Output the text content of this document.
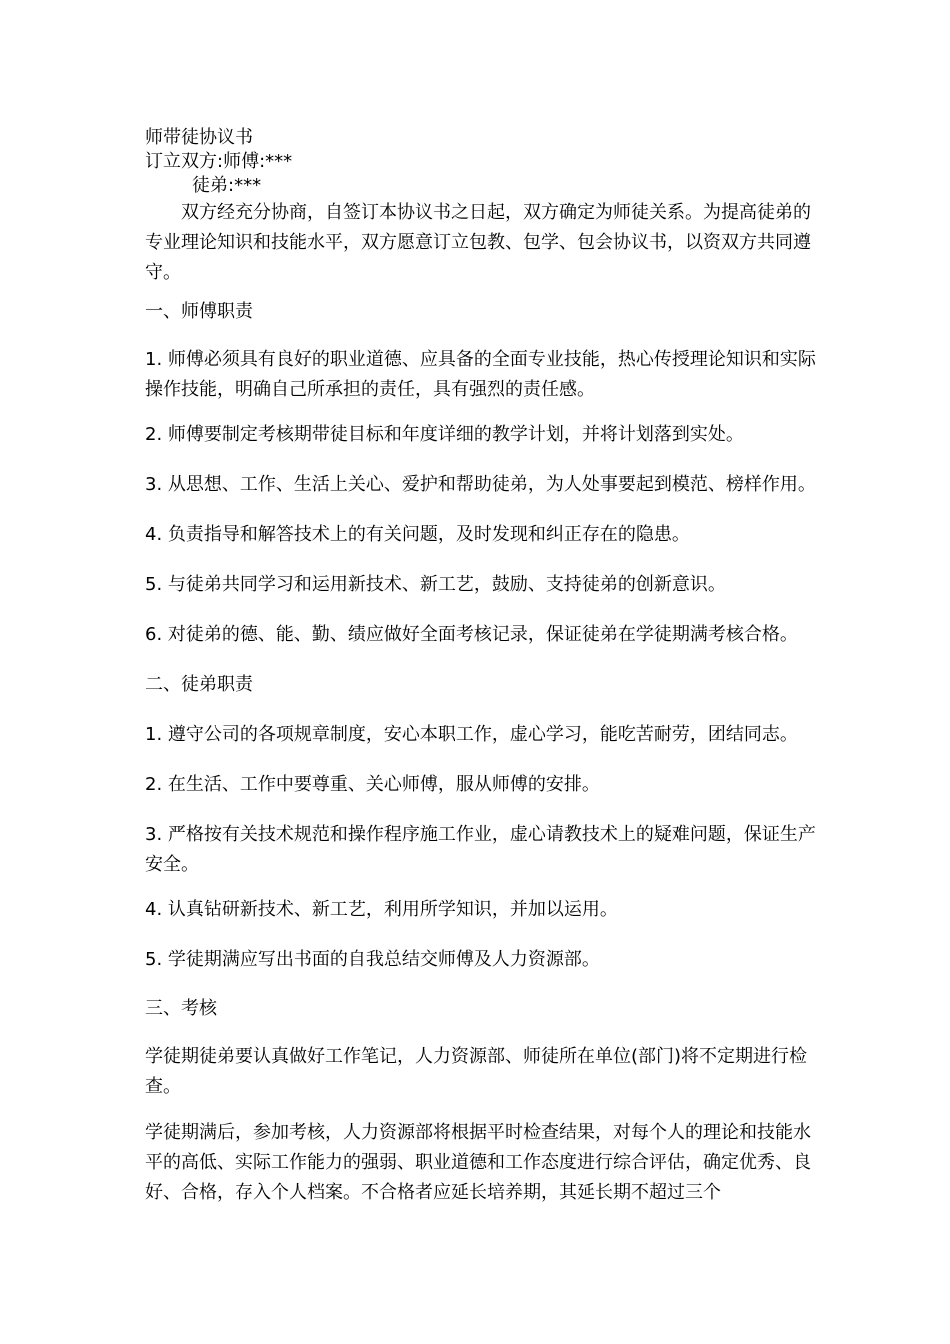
师带徒协议书
订立双方:师傅:***
徒弟:***
双方经充分协商，自签订本协议书之日起，双方确定为师徒关系。为提高徒弟的专业理论知识和技能水平，双方愿意订立包教、包学、包会协议书，以资双方共同遵守。
一、师傅职责
1. 师傅必须具有良好的职业道德、应具备的全面专业技能，热心传授理论知识和实际操作技能，明确自己所承担的责任，具有强烈的责任感。
2. 师傅要制定考核期带徒目标和年度详细的教学计划，并将计划落到实处。
3. 从思想、工作、生活上关心、爱护和帮助徒弟，为人处事要起到模范、榜样作用。
4. 负责指导和解答技术上的有关问题，及时发现和纠正存在的隐患。
5. 与徒弟共同学习和运用新技术、新工艺，鼓励、支持徒弟的创新意识。
6. 对徒弟的德、能、勤、绩应做好全面考核记录，保证徒弟在学徒期满考核合格。
二、徒弟职责
1. 遵守公司的各项规章制度，安心本职工作，虚心学习，能吃苦耐劳，团结同志。
2. 在生活、工作中要尊重、关心师傅，服从师傅的安排。
3. 严格按有关技术规范和操作程序施工作业，虚心请教技术上的疑难问题，保证生产安全。
4. 认真钻研新技术、新工艺，利用所学知识，并加以运用。
5. 学徒期满应写出书面的自我总结交师傅及人力资源部。
三、考核
学徒期徒弟要认真做好工作笔记，人力资源部、师徒所在单位(部门)将不定期进行检查。
学徒期满后，参加考核，人力资源部将根据平时检查结果，对每个人的理论和技能水平的高低、实际工作能力的强弱、职业道德和工作态度进行综合评估，确定优秀、良好、合格，存入个人档案。不合格者应延长培养期，其延长期不超过三个
